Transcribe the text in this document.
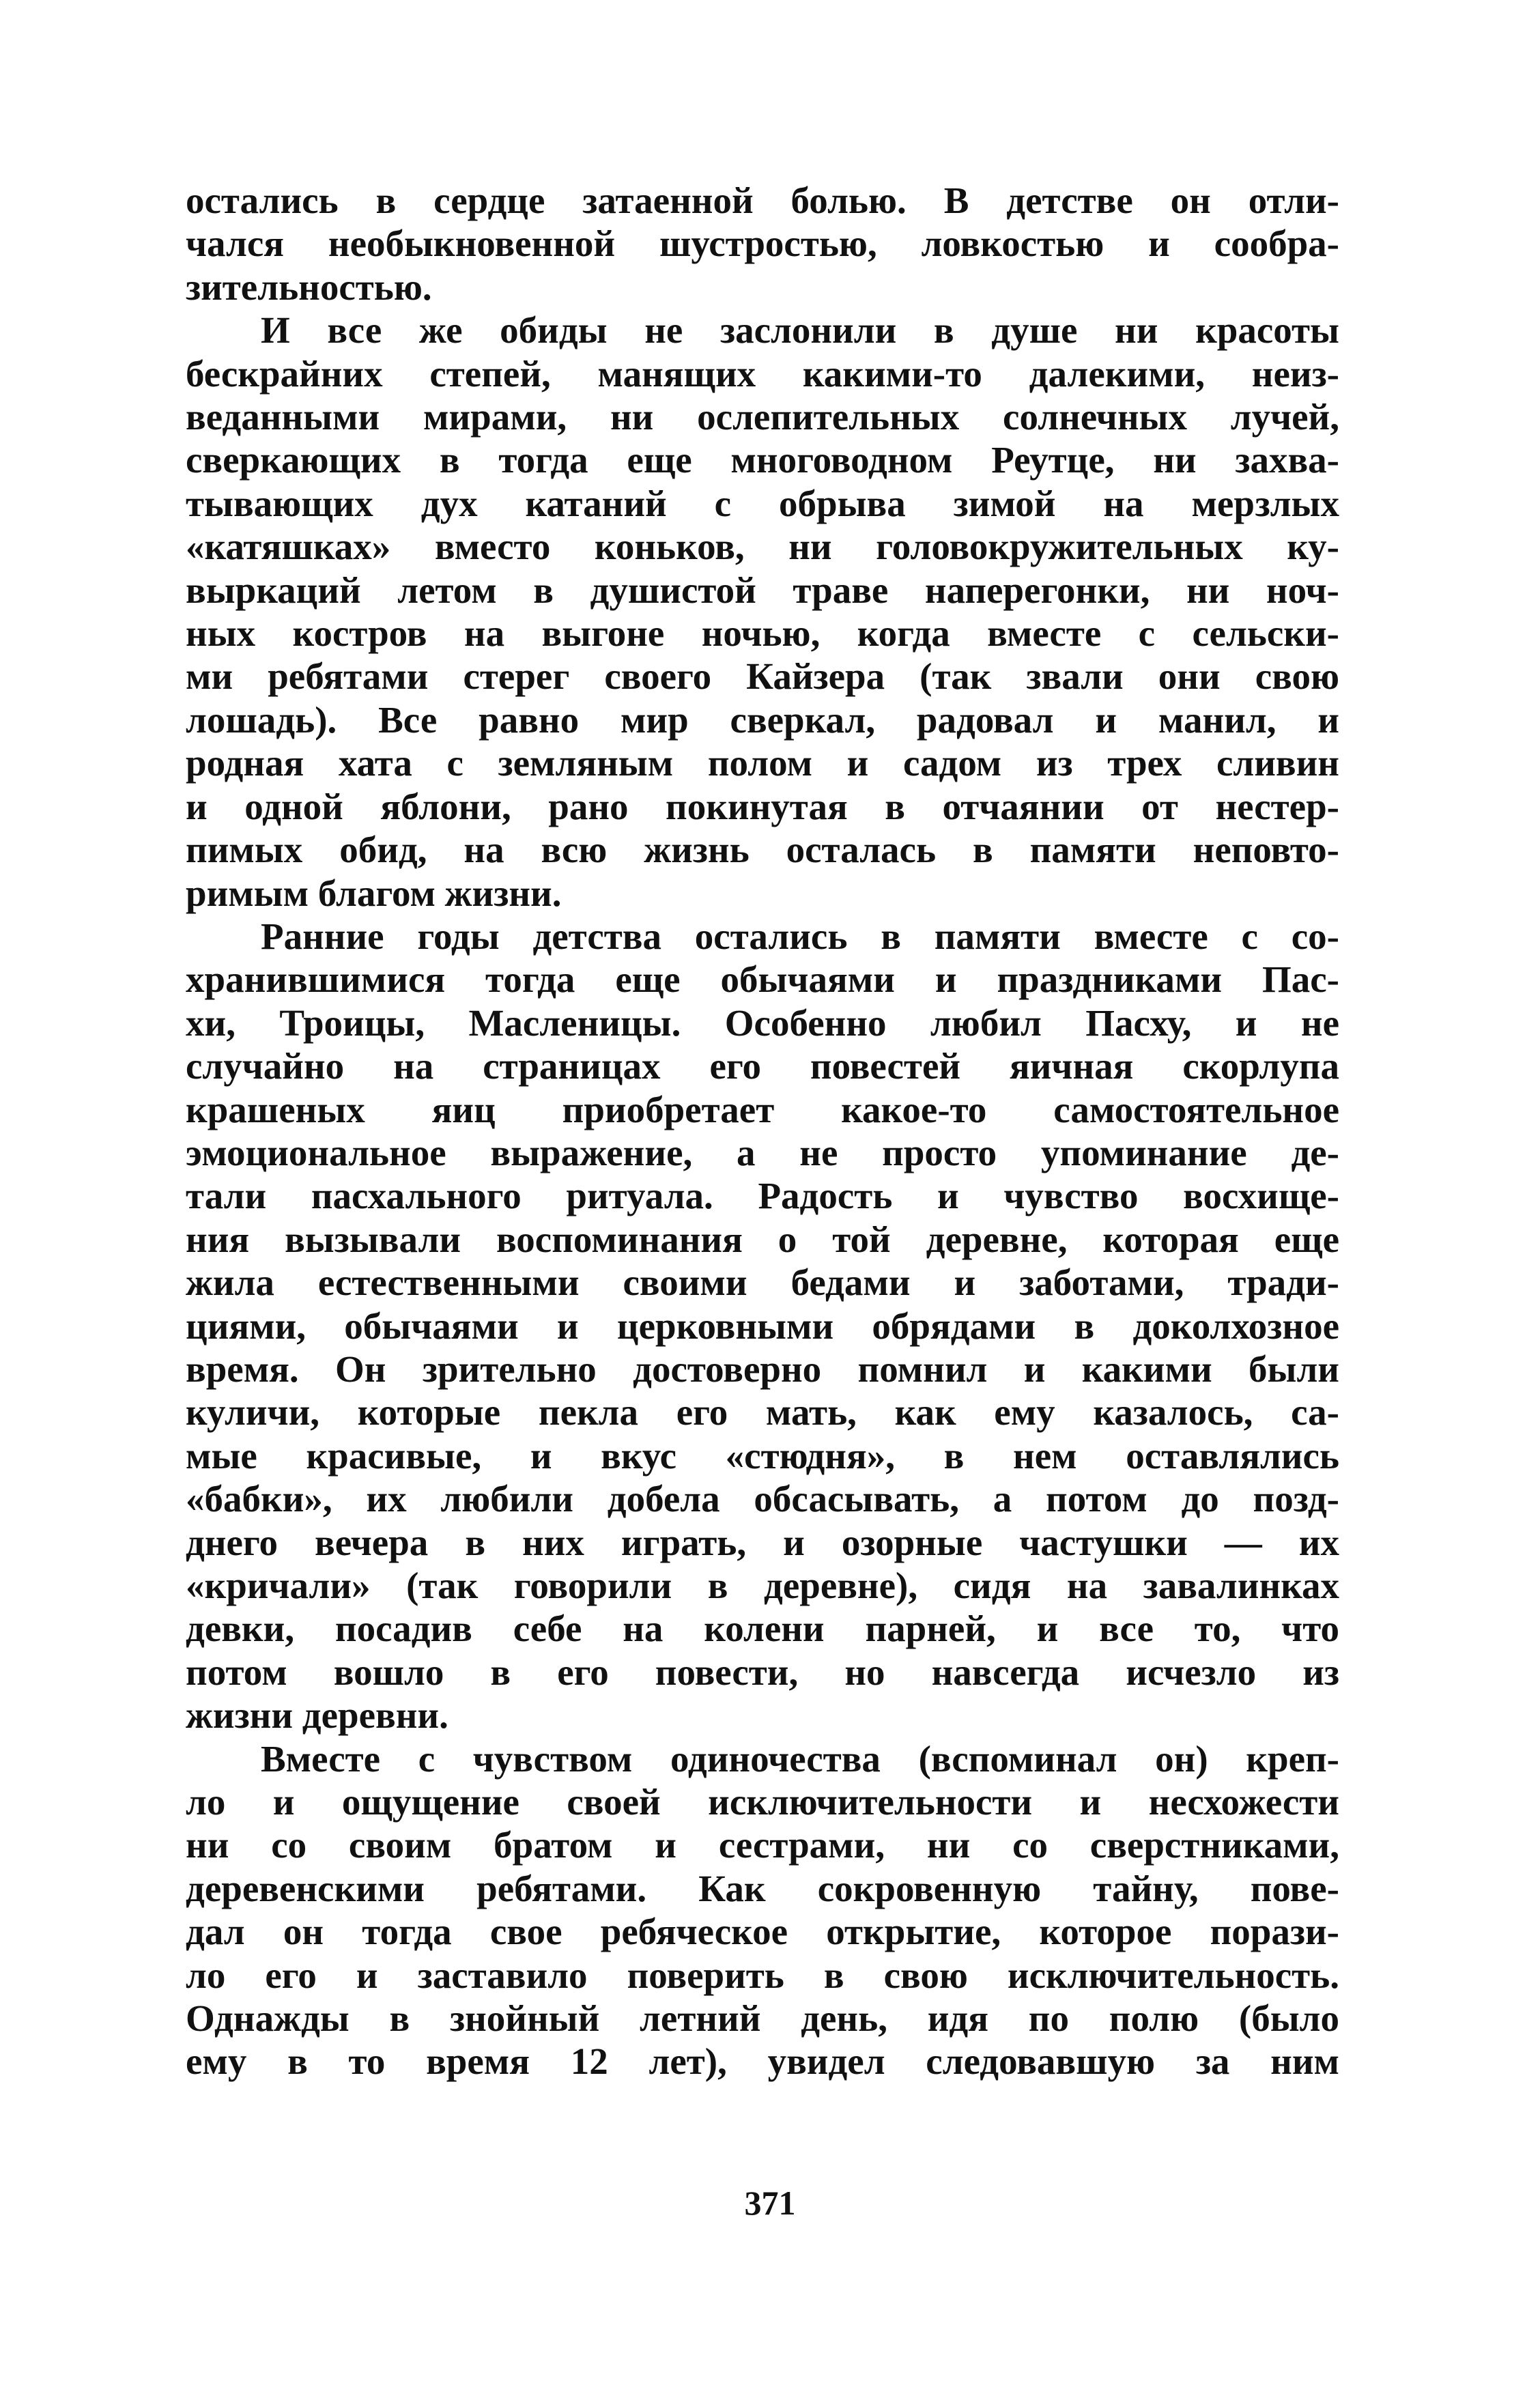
остались в сердце затаенной болью. В детстве он отли-
чался необыкновенной шустростью, ловкостью и сообра-
зительностью.
И все же обиды не заслонили в душе ни красоты
бескрайних степей, манящих какими-то далекими, неиз-
веданными мирами, ни ослепительных солнечных лучей,
сверкающих в тогда еще многоводном Реутце, ни захва-
тывающих дух катаний с обрыва зимой на мерзлых
«катяшках» вместо коньков, ни головокружительных ку-
выркаций летом в душистой траве наперегонки, ни ноч-
ных костров на выгоне ночью, когда вместе с сельски-
ми ребятами стерег своего Кайзера (так звали они свою
лошадь). Все равно мир сверкал, радовал и манил, и
родная хата с земляным полом и садом из трех сливин
и одной яблони, рано покинутая в отчаянии от нестер-
пимых обид, на всю жизнь осталась в памяти неповто-
римым благом жизни.
Ранние годы детства остались в памяти вместе с со-
хранившимися тогда еще обычаями и праздниками Пас-
хи, Троицы, Масленицы. Особенно любил Пасху, и не
случайно на страницах его повестей яичная скорлупа
крашеных яиц приобретает какое-то самостоятельное
эмоциональное выражение, а не просто упоминание де-
тали пасхального ритуала. Радость и чувство восхище-
ния вызывали воспоминания о той деревне, которая еще
жила естественными своими бедами и заботами, тради-
циями, обычаями и церковными обрядами в доколхозное
время. Он зрительно достоверно помнил и какими были
куличи, которые пекла его мать, как ему казалось, са-
мые красивые, и вкус «стюдня», в нем оставлялись
«бабки», их любили добела обсасывать, а потом до позд-
днего вечера в них играть, и озорные частушки — их
«кричали» (так говорили в деревне), сидя на завалинках
девки, посадив себе на колени парней, и все то, что
потом вошло в его повести, но навсегда исчезло из
жизни деревни.
Вместе с чувством одиночества (вспоминал он) креп-
ло и ощущение своей исключительности и несхожести
ни со своим братом и сестрами, ни со сверстниками,
деревенскими ребятами. Как сокровенную тайну, пове-
дал он тогда свое ребяческое открытие, которое порази-
ло его и заставило поверить в свою исключительность.
Однажды в знойный летний день, идя по полю (было
ему в то время 12 лет), увидел следовавшую за ним
371
